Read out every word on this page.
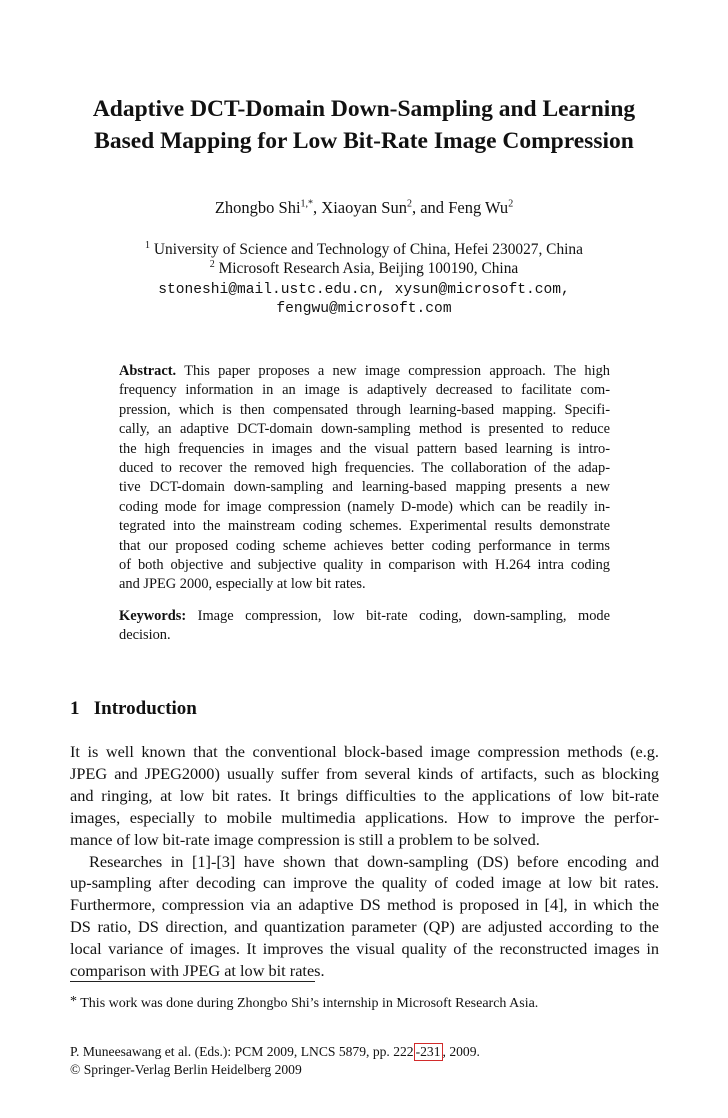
Adaptive DCT-Domain Down-Sampling and Learning
Based Mapping for Low Bit-Rate Image Compression
Zhongbo Shi$^{1,*}$, Xiaoyan Sun$^2$, and Feng Wu$^2$
$^1$ University of Science and Technology of China, Hefei 230027, China
$^2$ Microsoft Research Asia, Beijing 100190, China
stoneshi@mail.ustc.edu.cn, xysun@microsoft.com,
fengwu@microsoft.com
Abstract. This paper proposes a new image compression approach. The high
frequency information in an image is adaptively decreased to facilitate com-
pression, which is then compensated through learning-based mapping. Specifi-
cally, an adaptive DCT-domain down-sampling method is presented to reduce
the high frequencies in images and the visual pattern based learning is intro-
duced to recover the removed high frequencies. The collaboration of the adap-
tive DCT-domain down-sampling and learning-based mapping presents a new
coding mode for image compression (namely D-mode) which can be readily in-
tegrated into the mainstream coding schemes. Experimental results demonstrate
that our proposed coding scheme achieves better coding performance in terms
of both objective and subjective quality in comparison with H.264 intra coding
and JPEG 2000, especially at low bit rates.
Keywords: Image compression, low bit-rate coding, down-sampling, mode
decision.
1 Introduction
It is well known that the conventional block-based image compression methods (e.g.
JPEG and JPEG2000) usually suffer from several kinds of artifacts, such as blocking
and ringing, at low bit rates. It brings difficulties to the applications of low bit-rate
images, especially to mobile multimedia applications. How to improve the perfor-
mance of low bit-rate image compression is still a problem to be solved.
Researches in [1]-[3] have shown that down-sampling (DS) before encoding and
up-sampling after decoding can improve the quality of coded image at low bit rates.
Furthermore, compression via an adaptive DS method is proposed in [4], in which the
DS ratio, DS direction, and quantization parameter (QP) are adjusted according to the
local variance of images. It improves the visual quality of the reconstructed images in
comparison with JPEG at low bit rates.
* This work was done during Zhongbo Shi’s internship in Microsoft Research Asia.
P. Muneesawang et al. (Eds.): PCM 2009, LNCS 5879, pp. 222 -231 , 2009.
© Springer-Verlag Berlin Heidelberg 2009
